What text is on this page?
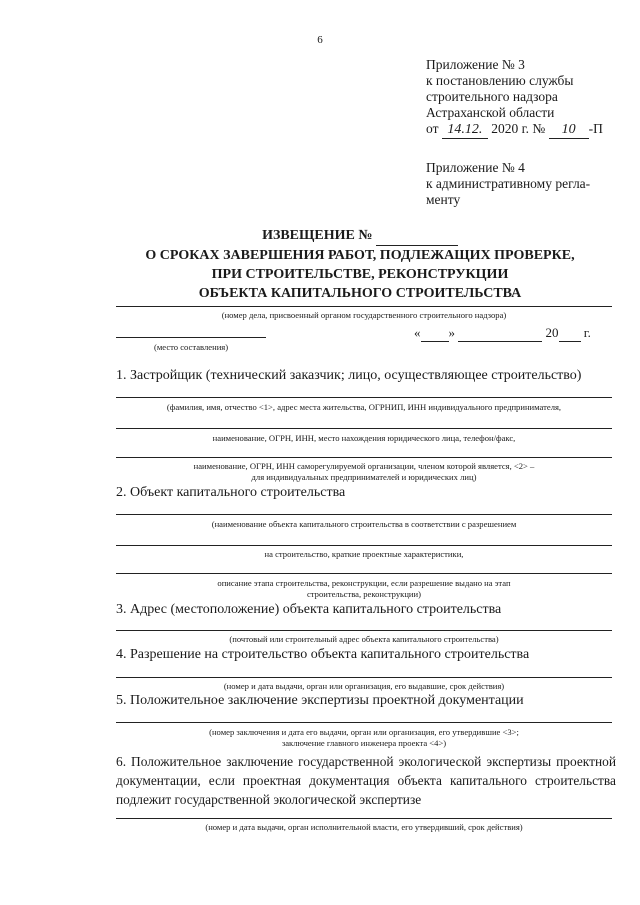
6
Приложение № 3
к постановлению службы
строительного надзора
Астраханской области
от 14.12. 2020 г. № 10 -П
Приложение № 4
к административному регла-
менту
ИЗВЕЩЕНИЕ №
О СРОКАХ ЗАВЕРШЕНИЯ РАБОТ, ПОДЛЕЖАЩИХ ПРОВЕРКЕ,
ПРИ СТРОИТЕЛЬСТВЕ, РЕКОНСТРУКЦИИ
ОБЪЕКТА КАПИТАЛЬНОГО СТРОИТЕЛЬСТВА
(номер дела, присвоенный органом государственного строительного надзора)
« »	20 г.
(место составления)
1. Застройщик (технический заказчик; лицо, осуществляющее строительство)
(фамилия, имя, отчество <1>, адрес места жительства, ОГРНИП, ИНН индивидуального предпринимателя,
наименование, ОГРН, ИНН, место нахождения юридического лица, телефон/факс,
наименование, ОГРН, ИНН саморегулируемой организации, членом которой является, <2> –
для индивидуальных предпринимателей и юридических лиц)
2. Объект капитального строительства
(наименование объекта капитального строительства в соответствии с разрешением
на строительство, краткие проектные характеристики,
описание этапа строительства, реконструкции, если разрешение выдано на этап
строительства, реконструкции)
3. Адрес (местоположение) объекта капитального строительства
(почтовый или строительный адрес объекта капитального строительства)
4. Разрешение на строительство объекта капитального строительства
(номер и дата выдачи, орган или организация, его выдавшие, срок действия)
5. Положительное заключение экспертизы проектной документации
(номер заключения и дата его выдачи, орган или организация, его утвердившие <3>;
заключение главного инженера проекта <4>)
6. Положительное заключение государственной экологической экспертизы проектной документации, если проектная документация объекта капитального строительства подлежит государственной экологической экспертизе
(номер и дата выдачи, орган исполнительной власти, его утвердивший, срок действия)
